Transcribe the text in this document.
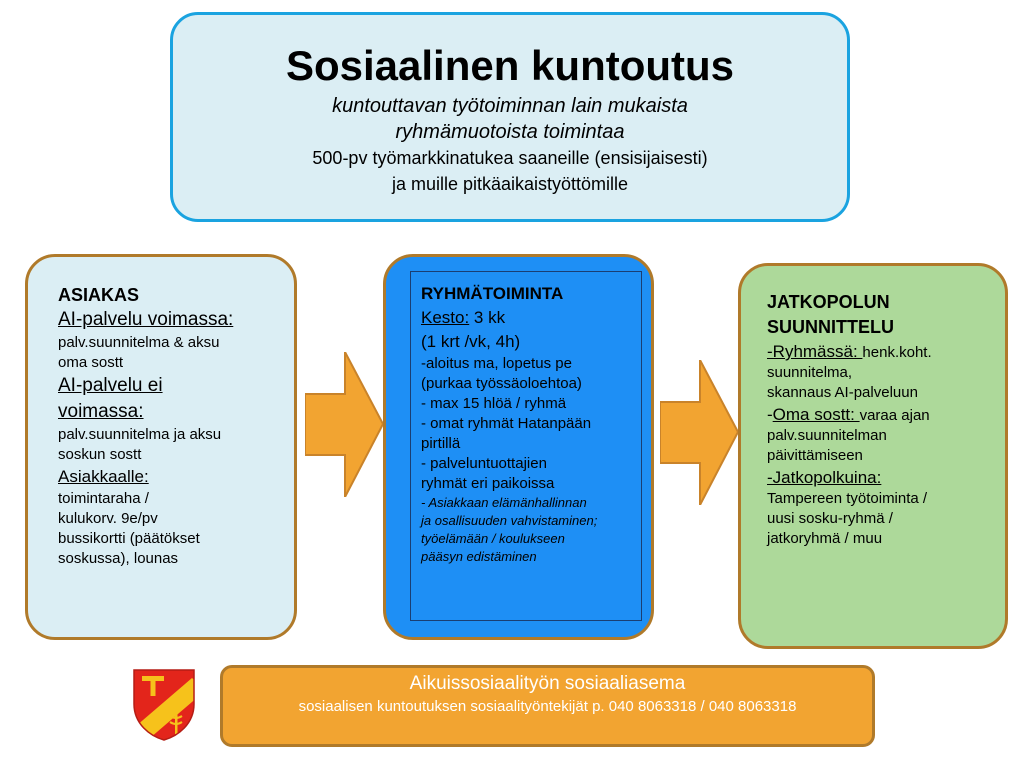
Sosiaalinen kuntoutus
kuntouttavan työtoiminnan lain mukaista
ryhmämuotoista toimintaa
500-pv työmarkkinatukea saaneille (ensisijaisesti)
ja muille pitkäaikaistyöttömille
ASIAKAS
AI-palvelu voimassa:
palv.suunnitelma & aksu
oma sostt
AI-palvelu ei
voimassa:
palv.suunnitelma ja aksu
soskun sostt
Asiakkaalle:
toimintaraha /
kulukorv. 9e/pv
bussikortti (päätökset
soskussa), lounas
RYHMÄTOIMINTA
Kesto: 3 kk
(1 krt /vk, 4h)
-aloitus ma, lopetus pe
(purkaa työssäoloehtoa)
- max 15 hlöä / ryhmä
- omat ryhmät Hatanpään
pirtillä
- palveluntuottajien
ryhmät eri paikoissa
- Asiakkaan elämänhallinnan
ja osallisuuden vahvistaminen;
työelämään / koulukseen
pääsyn edistäminen
JATKOPOLUN
SUUNNITTELU
-Ryhmässä: henk.koht.
suunnitelma,
skannaus AI-palveluun
-Oma sostt: varaa ajan
palv.suunnitelman
päivittämiseen
-Jatkopolkuina:
Tampereen työtoiminta /
uusi sosku-ryhmä /
jatkoryhmä / muu
Aikuissosiaalityön sosiaaliasema
sosiaalisen kuntoutuksen sosiaalityöntekijät p. 040 8063318 / 040 8063318
